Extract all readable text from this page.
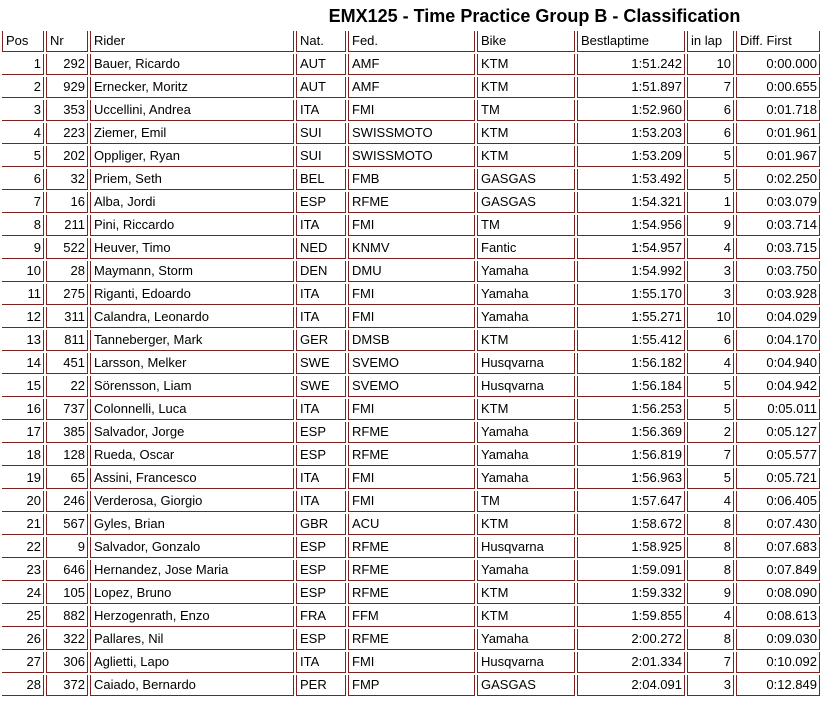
EMX125 - Time Practice Group B - Classification
Pos	Nr	Rider	Nat.	Fed.	Bike	Bestlaptime	in lap	Diff. First
1	292	Bauer, Ricardo	AUT	AMF	KTM	1:51.242	10	0:00.000
2	929	Ernecker, Moritz	AUT	AMF	KTM	1:51.897	7	0:00.655
3	353	Uccellini, Andrea	ITA	FMI	TM	1:52.960	6	0:01.718
4	223	Ziemer, Emil	SUI	SWISSMOTO	KTM	1:53.203	6	0:01.961
5	202	Oppliger, Ryan	SUI	SWISSMOTO	KTM	1:53.209	5	0:01.967
6	32	Priem, Seth	BEL	FMB	GASGAS	1:53.492	5	0:02.250
7	16	Alba, Jordi	ESP	RFME	GASGAS	1:54.321	1	0:03.079
8	211	Pini, Riccardo	ITA	FMI	TM	1:54.956	9	0:03.714
9	522	Heuver, Timo	NED	KNMV	Fantic	1:54.957	4	0:03.715
10	28	Maymann, Storm	DEN	DMU	Yamaha	1:54.992	3	0:03.750
11	275	Riganti, Edoardo	ITA	FMI	Yamaha	1:55.170	3	0:03.928
12	311	Calandra, Leonardo	ITA	FMI	Yamaha	1:55.271	10	0:04.029
13	811	Tanneberger, Mark	GER	DMSB	KTM	1:55.412	6	0:04.170
14	451	Larsson, Melker	SWE	SVEMO	Husqvarna	1:56.182	4	0:04.940
15	22	Sörensson, Liam	SWE	SVEMO	Husqvarna	1:56.184	5	0:04.942
16	737	Colonnelli, Luca	ITA	FMI	KTM	1:56.253	5	0:05.011
17	385	Salvador, Jorge	ESP	RFME	Yamaha	1:56.369	2	0:05.127
18	128	Rueda, Oscar	ESP	RFME	Yamaha	1:56.819	7	0:05.577
19	65	Assini, Francesco	ITA	FMI	Yamaha	1:56.963	5	0:05.721
20	246	Verderosa, Giorgio	ITA	FMI	TM	1:57.647	4	0:06.405
21	567	Gyles, Brian	GBR	ACU	KTM	1:58.672	8	0:07.430
22	9	Salvador, Gonzalo	ESP	RFME	Husqvarna	1:58.925	8	0:07.683
23	646	Hernandez, Jose Maria	ESP	RFME	Yamaha	1:59.091	8	0:07.849
24	105	Lopez, Bruno	ESP	RFME	KTM	1:59.332	9	0:08.090
25	882	Herzogenrath, Enzo	FRA	FFM	KTM	1:59.855	4	0:08.613
26	322	Pallares, Nil	ESP	RFME	Yamaha	2:00.272	8	0:09.030
27	306	Aglietti, Lapo	ITA	FMI	Husqvarna	2:01.334	7	0:10.092
28	372	Caiado, Bernardo	PER	FMP	GASGAS	2:04.091	3	0:12.849
